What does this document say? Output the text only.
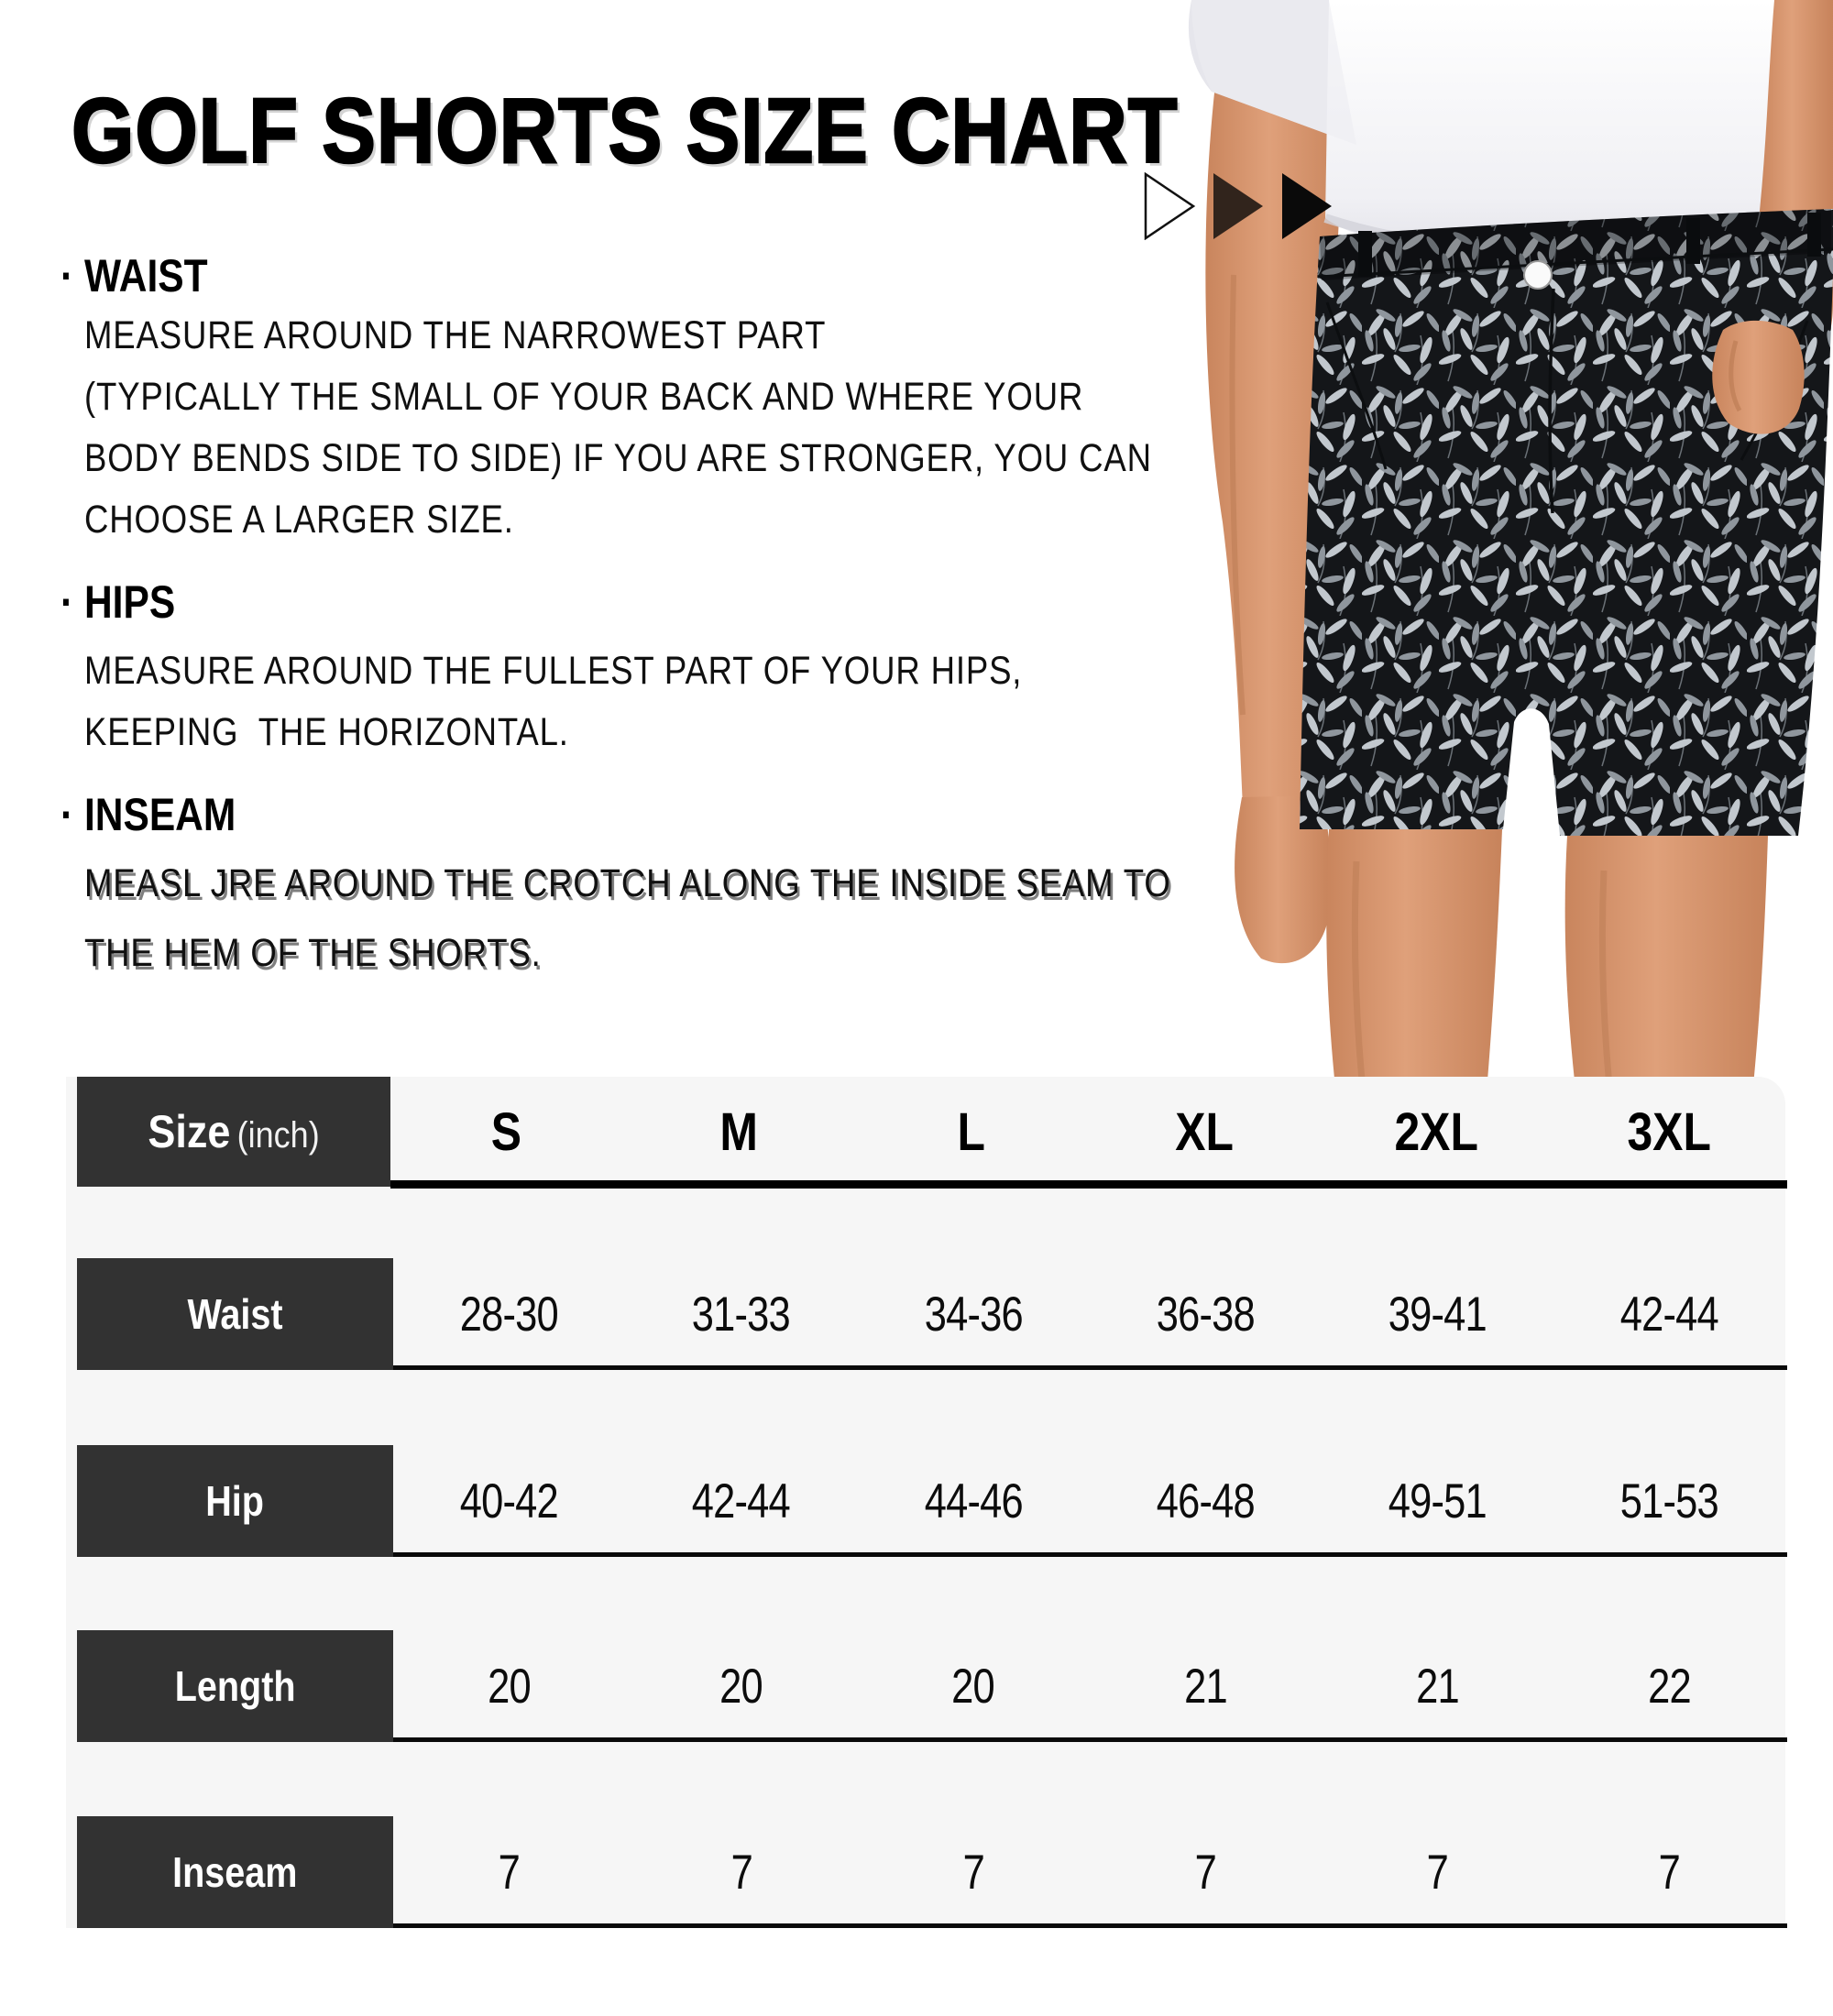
GOLF SHORTS SIZE CHART
· WAIST
MEASURE AROUND THE NARROWEST PART
(TYPICALLY THE SMALL OF YOUR BACK AND WHERE YOUR
BODY BENDS SIDE TO SIDE) IF YOU ARE STRONGER, YOU CAN
CHOOSE A LARGER SIZE.
· HIPS
MEASURE AROUND THE FULLEST PART OF YOUR HIPS,
KEEPING  THE HORIZONTAL.
· INSEAM
MEASL JRE AROUND THE CROTCH ALONG THE INSIDE SEAM TO
THE HEM OF THE SHORTS.
Size (inch)	S	M	L	XL	2XL	3XL
Waist	28-30	31-33	34-36	36-38	39-41	42-44
Hip	40-42	42-44	44-46	46-48	49-51	51-53
Length	20	20	20	21	21	22
Inseam	7	7	7	7	7	7
